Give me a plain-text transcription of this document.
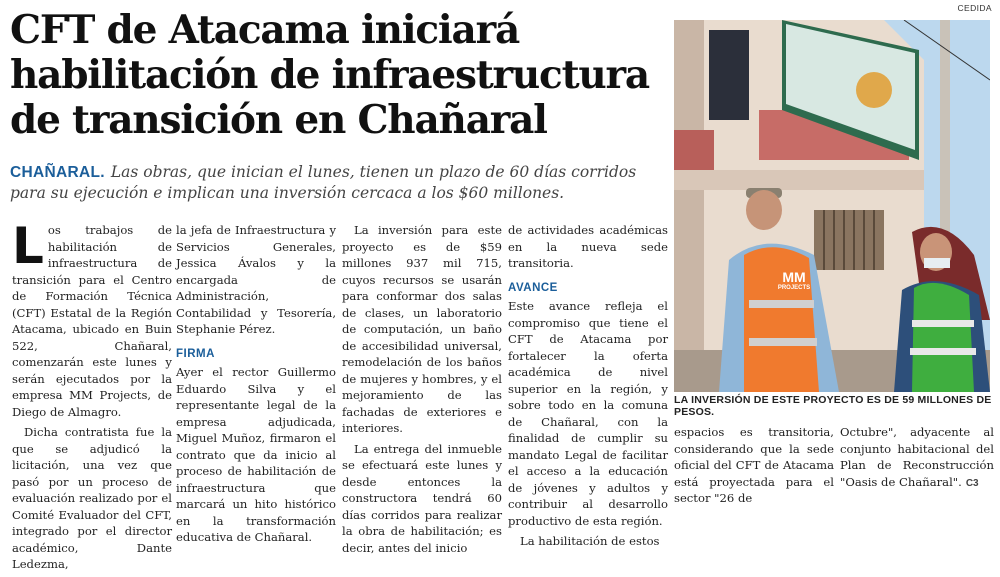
CEDIDA
CFT de Atacama iniciará
habilitación de infraestructura
de transición en Chañaral
CHAÑARAL. Las obras, que inician el lunes, tienen un plazo de 60 días corridos para su ejecución e implican una inversión cercaca a los $60 millones.

Los trabajos de habilitación de infraestructura de transición para el Centro de Formación Técnica (CFT) Estatal de la Región Atacama, ubicado en Buin 522, Chañaral, comenzarán este lunes y serán ejecutados por la empresa MM Projects, de Diego de Almagro.

Dicha contratista fue la que se adjudicó la licitación, una vez que pasó por un proceso de evaluación realizado por el Comité Evaluador del CFT, integrado por el director académico, Dante Ledezma,

la jefa de Infraestructura y Servicios Generales, Jessica Ávalos y la encargada de Administración, Contabilidad y Tesorería, Stephanie Pérez.

FIRMA

Ayer el rector Guillermo Eduardo Silva y el representante legal de la empresa adjudicada, Miguel Muñoz, firmaron el contrato que da inicio al proceso de habilitación de infraestructura que marcará un hito histórico en la transformación educativa de Chañaral.

La inversión para este proyecto es de $59 millones 937 mil 715, cuyos recursos se usarán para conformar dos salas de clases, un laboratorio de computación, un baño de accesibilidad universal, remodelación de los baños de mujeres y hombres, y el mejoramiento de las fachadas de exteriores e interiores.

La entrega del inmueble se efectuará este lunes y desde entonces la constructora tendrá 60 días corridos para realizar la obra de habilitación; es decir, antes del inicio

de actividades académicas en la nueva sede transitoria.

AVANCE

Este avance refleja el compromiso que tiene el CFT de Atacama por fortalecer la oferta académica de nivel superior en la región, y sobre todo en la comuna de Chañaral, con la finalidad de cumplir su mandato Legal de facilitar el acceso a la educación de jóvenes y adultos y contribuir al desarrollo productivo de esta región.

La habilitación de estos

MM
PROJECTS
LA INVERSIÓN DE ESTE PROYECTO ES DE 59 MILLONES DE PESOS.

espacios es transitoria, considerando que la sede oficial del CFT de Atacama está proyectada para el sector "26 de

Octubre", adyacente al conjunto habitacional del Plan de Reconstrucción "Oasis de Chañaral". C3
